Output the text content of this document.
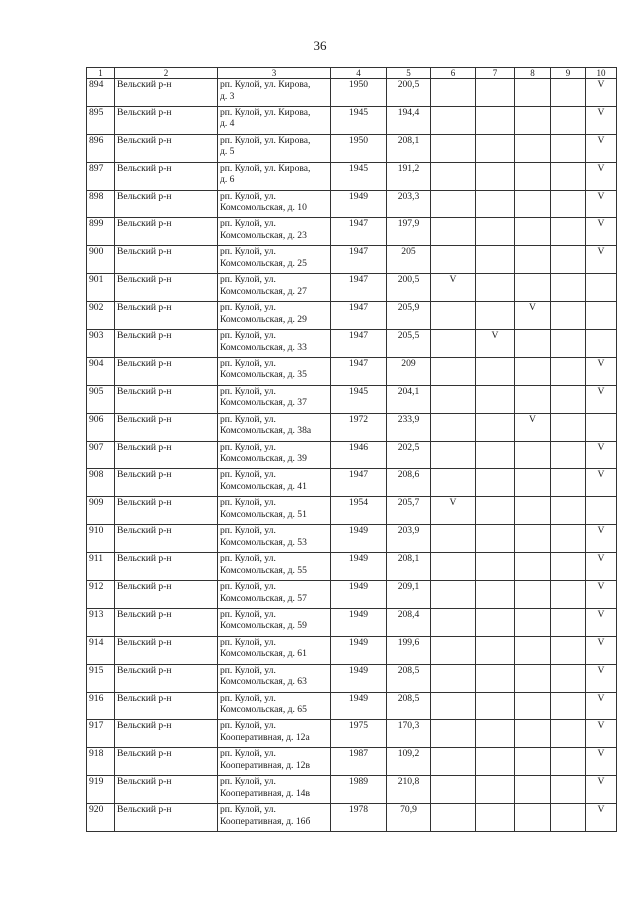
36
1	2	3	4	5	6	7	8	9	10
894	Вельский р-н	рп. Кулой, ул. Кирова,
д. 3	1950	200,5					V
895	Вельский р-н	рп. Кулой, ул. Кирова,
д. 4	1945	194,4					V
896	Вельский р-н	рп. Кулой, ул. Кирова,
д. 5	1950	208,1					V
897	Вельский р-н	рп. Кулой, ул. Кирова,
д. 6	1945	191,2					V
898	Вельский р-н	рп. Кулой, ул.
Комсомольская, д. 10	1949	203,3					V
899	Вельский р-н	рп. Кулой, ул.
Комсомольская, д. 23	1947	197,9					V
900	Вельский р-н	рп. Кулой, ул.
Комсомольская, д. 25	1947	205					V
901	Вельский р-н	рп. Кулой, ул.
Комсомольская, д. 27	1947	200,5	V				
902	Вельский р-н	рп. Кулой, ул.
Комсомольская, д. 29	1947	205,9			V		
903	Вельский р-н	рп. Кулой, ул.
Комсомольская, д. 33	1947	205,5		V			
904	Вельский р-н	рп. Кулой, ул.
Комсомольская, д. 35	1947	209					V
905	Вельский р-н	рп. Кулой, ул.
Комсомольская, д. 37	1945	204,1					V
906	Вельский р-н	рп. Кулой, ул.
Комсомольская, д. 38а	1972	233,9			V		
907	Вельский р-н	рп. Кулой, ул.
Комсомольская, д. 39	1946	202,5					V
908	Вельский р-н	рп. Кулой, ул.
Комсомольская, д. 41	1947	208,6					V
909	Вельский р-н	рп. Кулой, ул.
Комсомольская, д. 51	1954	205,7	V				
910	Вельский р-н	рп. Кулой, ул.
Комсомольская, д. 53	1949	203,9					V
911	Вельский р-н	рп. Кулой, ул.
Комсомольская, д. 55	1949	208,1					V
912	Вельский р-н	рп. Кулой, ул.
Комсомольская, д. 57	1949	209,1					V
913	Вельский р-н	рп. Кулой, ул.
Комсомольская, д. 59	1949	208,4					V
914	Вельский р-н	рп. Кулой, ул.
Комсомольская, д. 61	1949	199,6					V
915	Вельский р-н	рп. Кулой, ул.
Комсомольская, д. 63	1949	208,5					V
916	Вельский р-н	рп. Кулой, ул.
Комсомольская, д. 65	1949	208,5					V
917	Вельский р-н	рп. Кулой, ул.
Кооперативная, д. 12а	1975	170,3					V
918	Вельский р-н	рп. Кулой, ул.
Кооперативная, д. 12в	1987	109,2					V
919	Вельский р-н	рп. Кулой, ул.
Кооперативная, д. 14в	1989	210,8					V
920	Вельский р-н	рп. Кулой, ул.
Кооперативная, д. 16б	1978	70,9					V
